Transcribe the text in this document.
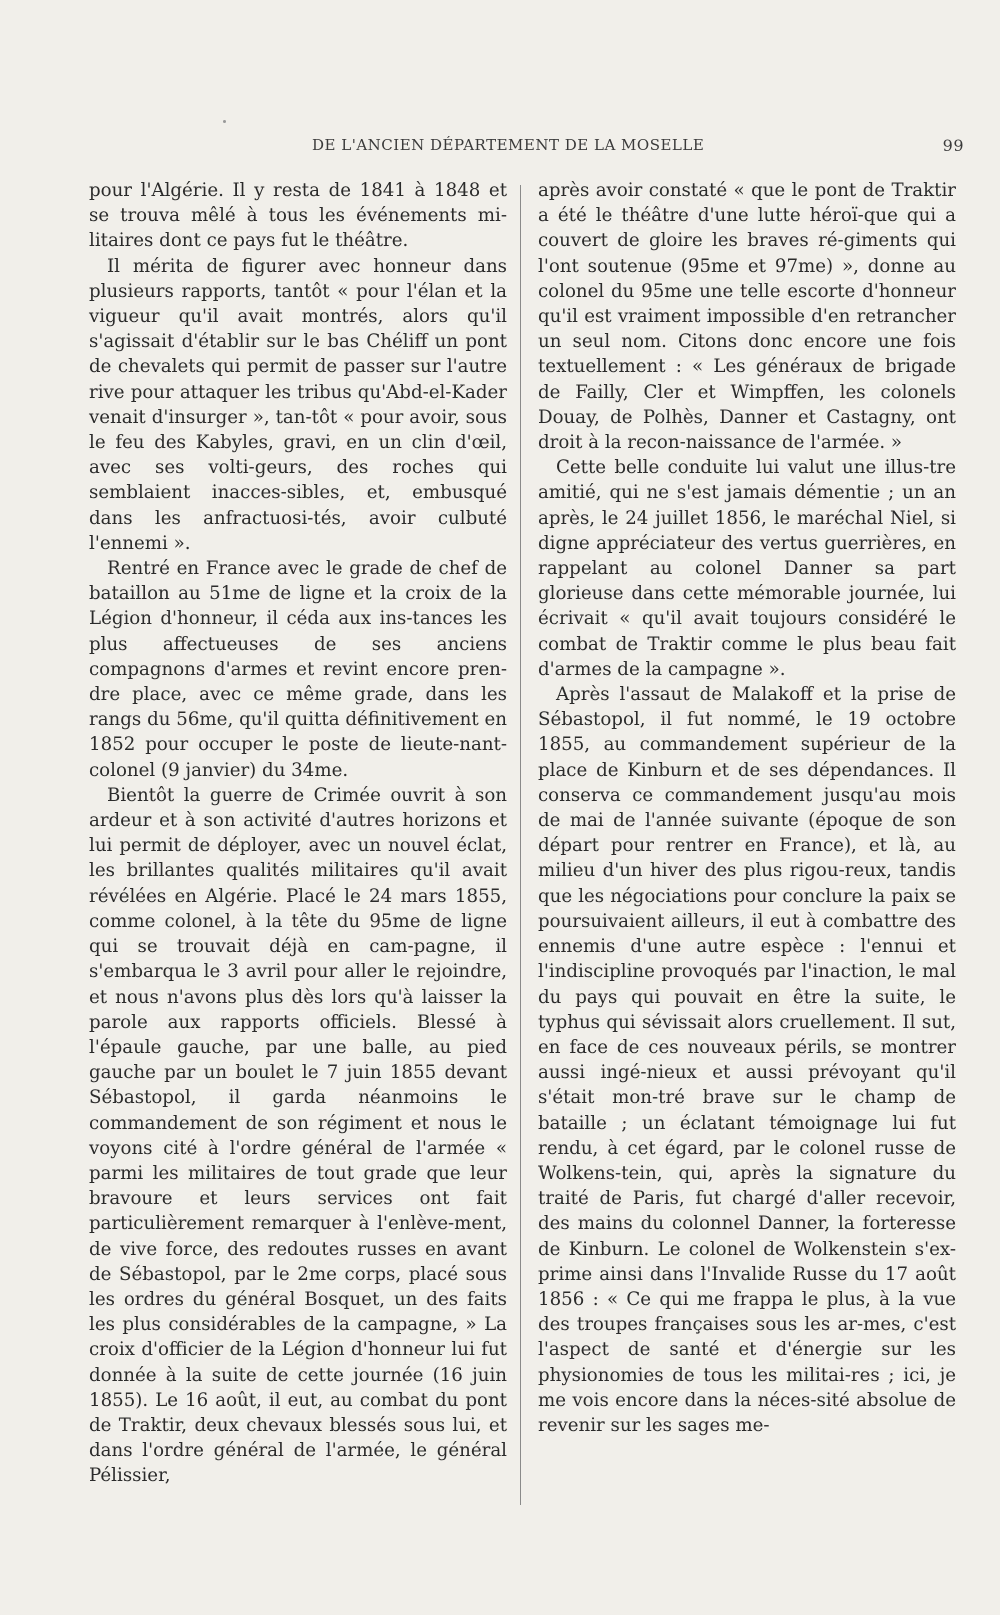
DE L'ANCIEN DÉPARTEMENT DE LA MOSELLE	99

pour l'Algérie. Il y resta de 1841 à 1848 et se trouva mêlé à tous les événements mi-litaires dont ce pays fut le théâtre.

Il mérita de figurer avec honneur dans plusieurs rapports, tantôt « pour l'élan et la vigueur qu'il avait montrés, alors qu'il s'agissait d'établir sur le bas Chéliff un pont de chevalets qui permit de passer sur l'autre rive pour attaquer les tribus qu'Abd-el-Kader venait d'insurger », tan-tôt « pour avoir, sous le feu des Kabyles, gravi, en un clin d'œil, avec ses volti-geurs, des roches qui semblaient inacces-sibles, et, embusqué dans les anfractuosi-tés, avoir culbuté l'ennemi ».

Rentré en France avec le grade de chef de bataillon au 51me de ligne et la croix de la Légion d'honneur, il céda aux ins-tances les plus affectueuses de ses anciens compagnons d'armes et revint encore pren-dre place, avec ce même grade, dans les rangs du 56me, qu'il quitta définitivement en 1852 pour occuper le poste de lieute-nant-colonel (9 janvier) du 34me.

Bientôt la guerre de Crimée ouvrit à son ardeur et à son activité d'autres horizons et lui permit de déployer, avec un nouvel éclat, les brillantes qualités militaires qu'il avait révélées en Algérie. Placé le 24 mars 1855, comme colonel, à la tête du 95me de ligne qui se trouvait déjà en cam-pagne, il s'embarqua le 3 avril pour aller le rejoindre, et nous n'avons plus dès lors qu'à laisser la parole aux rapports officiels. Blessé à l'épaule gauche, par une balle, au pied gauche par un boulet le 7 juin 1855 devant Sébastopol, il garda néanmoins le commandement de son régiment et nous le voyons cité à l'ordre général de l'armée « parmi les militaires de tout grade que leur bravoure et leurs services ont fait particulièrement remarquer à l'enlève-ment, de vive force, des redoutes russes en avant de Sébastopol, par le 2me corps, placé sous les ordres du général Bosquet, un des faits les plus considérables de la campagne, » La croix d'officier de la Légion d'honneur lui fut donnée à la suite de cette journée (16 juin 1855). Le 16 août, il eut, au combat du pont de Traktir, deux chevaux blessés sous lui, et dans l'ordre général de l'armée, le général Pélissier,

après avoir constaté « que le pont de Traktir a été le théâtre d'une lutte héroï-que qui a couvert de gloire les braves ré-giments qui l'ont soutenue (95me et 97me) », donne au colonel du 95me une telle escorte d'honneur qu'il est vraiment impossible d'en retrancher un seul nom. Citons donc encore une fois textuellement : « Les généraux de brigade de Failly, Cler et Wimpffen, les colonels Douay, de Polhès, Danner et Castagny, ont droit à la recon-naissance de l'armée. »

Cette belle conduite lui valut une illus-tre amitié, qui ne s'est jamais démentie ; un an après, le 24 juillet 1856, le maréchal Niel, si digne appréciateur des vertus guerrières, en rappelant au colonel Danner sa part glorieuse dans cette mémorable journée, lui écrivait « qu'il avait toujours considéré le combat de Traktir comme le plus beau fait d'armes de la campagne ».

Après l'assaut de Malakoff et la prise de Sébastopol, il fut nommé, le 19 octobre 1855, au commandement supérieur de la place de Kinburn et de ses dépendances. Il conserva ce commandement jusqu'au mois de mai de l'année suivante (époque de son départ pour rentrer en France), et là, au milieu d'un hiver des plus rigou-reux, tandis que les négociations pour conclure la paix se poursuivaient ailleurs, il eut à combattre des ennemis d'une autre espèce : l'ennui et l'indiscipline provoqués par l'inaction, le mal du pays qui pouvait en être la suite, le typhus qui sévissait alors cruellement. Il sut, en face de ces nouveaux périls, se montrer aussi ingé-nieux et aussi prévoyant qu'il s'était mon-tré brave sur le champ de bataille ; un éclatant témoignage lui fut rendu, à cet égard, par le colonel russe de Wolkens-tein, qui, après la signature du traité de Paris, fut chargé d'aller recevoir, des mains du colonnel Danner, la forteresse de Kinburn. Le colonel de Wolkenstein s'ex-prime ainsi dans l'Invalide Russe du 17 août 1856 : « Ce qui me frappa le plus, à la vue des troupes françaises sous les ar-mes, c'est l'aspect de santé et d'énergie sur les physionomies de tous les militai-res ; ici, je me vois encore dans la néces-sité absolue de revenir sur les sages me-
